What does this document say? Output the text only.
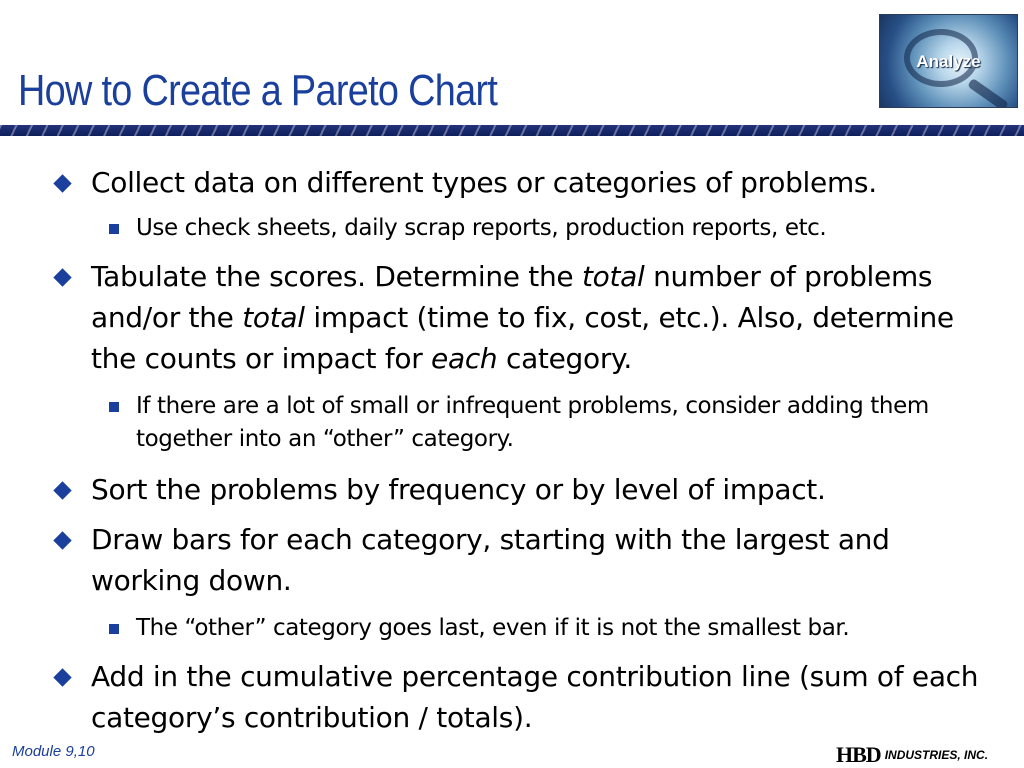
Analyze
How to Create a Pareto Chart
Collect data on different types or categories of problems.
Use check sheets, daily scrap reports, production reports, etc.
Tabulate the scores. Determine the total number of problems and/or the total impact (time to fix, cost, etc.). Also, determine the counts or impact for each category.
If there are a lot of small or infrequent problems, consider adding them together into an “other” category.
Sort the problems by frequency or by level of impact.
Draw bars for each category, starting with the largest and working down.
The “other” category goes last, even if it is not the smallest bar.
Add in the cumulative percentage contribution line (sum of each category’s contribution / totals).
Module 9,10	HBD INDUSTRIES, INC.
